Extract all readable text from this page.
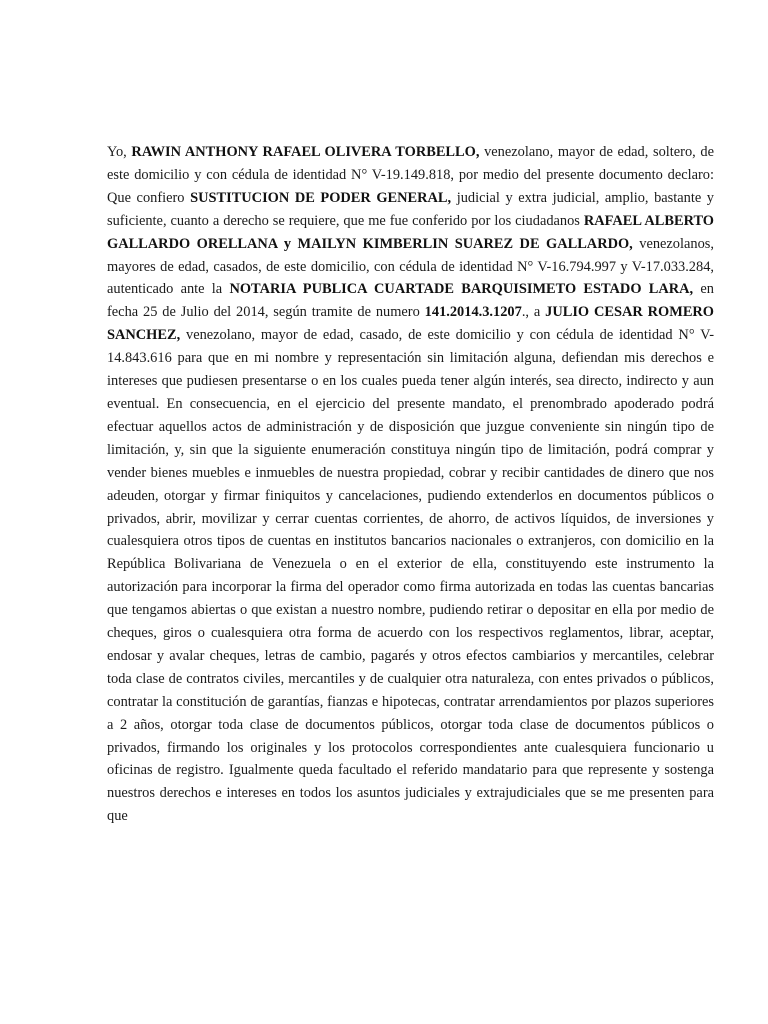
Yo, RAWIN ANTHONY RAFAEL OLIVERA TORBELLO, venezolano, mayor de edad, soltero, de este domicilio y con cédula de identidad N° V-19.149.818, por medio del presente documento declaro: Que confiero SUSTITUCION DE PODER GENERAL, judicial y extra judicial, amplio, bastante y suficiente, cuanto a derecho se requiere, que me fue conferido por los ciudadanos RAFAEL ALBERTO GALLARDO ORELLANA y MAILYN KIMBERLIN SUAREZ DE GALLARDO, venezolanos, mayores de edad, casados, de este domicilio, con cédula de identidad N° V-16.794.997 y V-17.033.284, autenticado ante la NOTARIA PUBLICA CUARTADE BARQUISIMETO ESTADO LARA, en fecha 25 de Julio del 2014, según tramite de numero 141.2014.3.1207., a JULIO CESAR ROMERO SANCHEZ, venezolano, mayor de edad, casado, de este domicilio y con cédula de identidad N° V- 14.843.616 para que en mi nombre y representación sin limitación alguna, defiendan mis derechos e intereses que pudiesen presentarse o en los cuales pueda tener algún interés, sea directo, indirecto y aun eventual. En consecuencia, en el ejercicio del presente mandato, el prenombrado apoderado podrá efectuar aquellos actos de administración y de disposición que juzgue conveniente sin ningún tipo de limitación, y, sin que la siguiente enumeración constituya ningún tipo de limitación, podrá comprar y vender bienes muebles e inmuebles de nuestra propiedad, cobrar y recibir cantidades de dinero que nos adeuden, otorgar y firmar finiquitos y cancelaciones, pudiendo extenderlos en documentos públicos o privados, abrir, movilizar y cerrar cuentas corrientes, de ahorro, de activos líquidos, de inversiones y cualesquiera otros tipos de cuentas en institutos bancarios nacionales o extranjeros, con domicilio en la República Bolivariana de Venezuela o en el exterior de ella, constituyendo este instrumento la autorización para incorporar la firma del operador como firma autorizada en todas las cuentas bancarias que tengamos abiertas o que existan a nuestro nombre, pudiendo retirar o depositar en ella por medio de cheques, giros o cualesquiera otra forma de acuerdo con los respectivos reglamentos, librar, aceptar, endosar y avalar cheques, letras de cambio, pagarés y otros efectos cambiarios y mercantiles, celebrar toda clase de contratos civiles, mercantiles y de cualquier otra naturaleza, con entes privados o públicos, contratar la constitución de garantías, fianzas e hipotecas, contratar arrendamientos por plazos superiores a 2 años, otorgar toda clase de documentos públicos, otorgar toda clase de documentos públicos o privados, firmando los originales y los protocolos correspondientes ante cualesquiera funcionario u oficinas de registro. Igualmente queda facultado el referido mandatario para que represente y sostenga nuestros derechos e intereses en todos los asuntos judiciales y extrajudiciales que se me presenten para que
